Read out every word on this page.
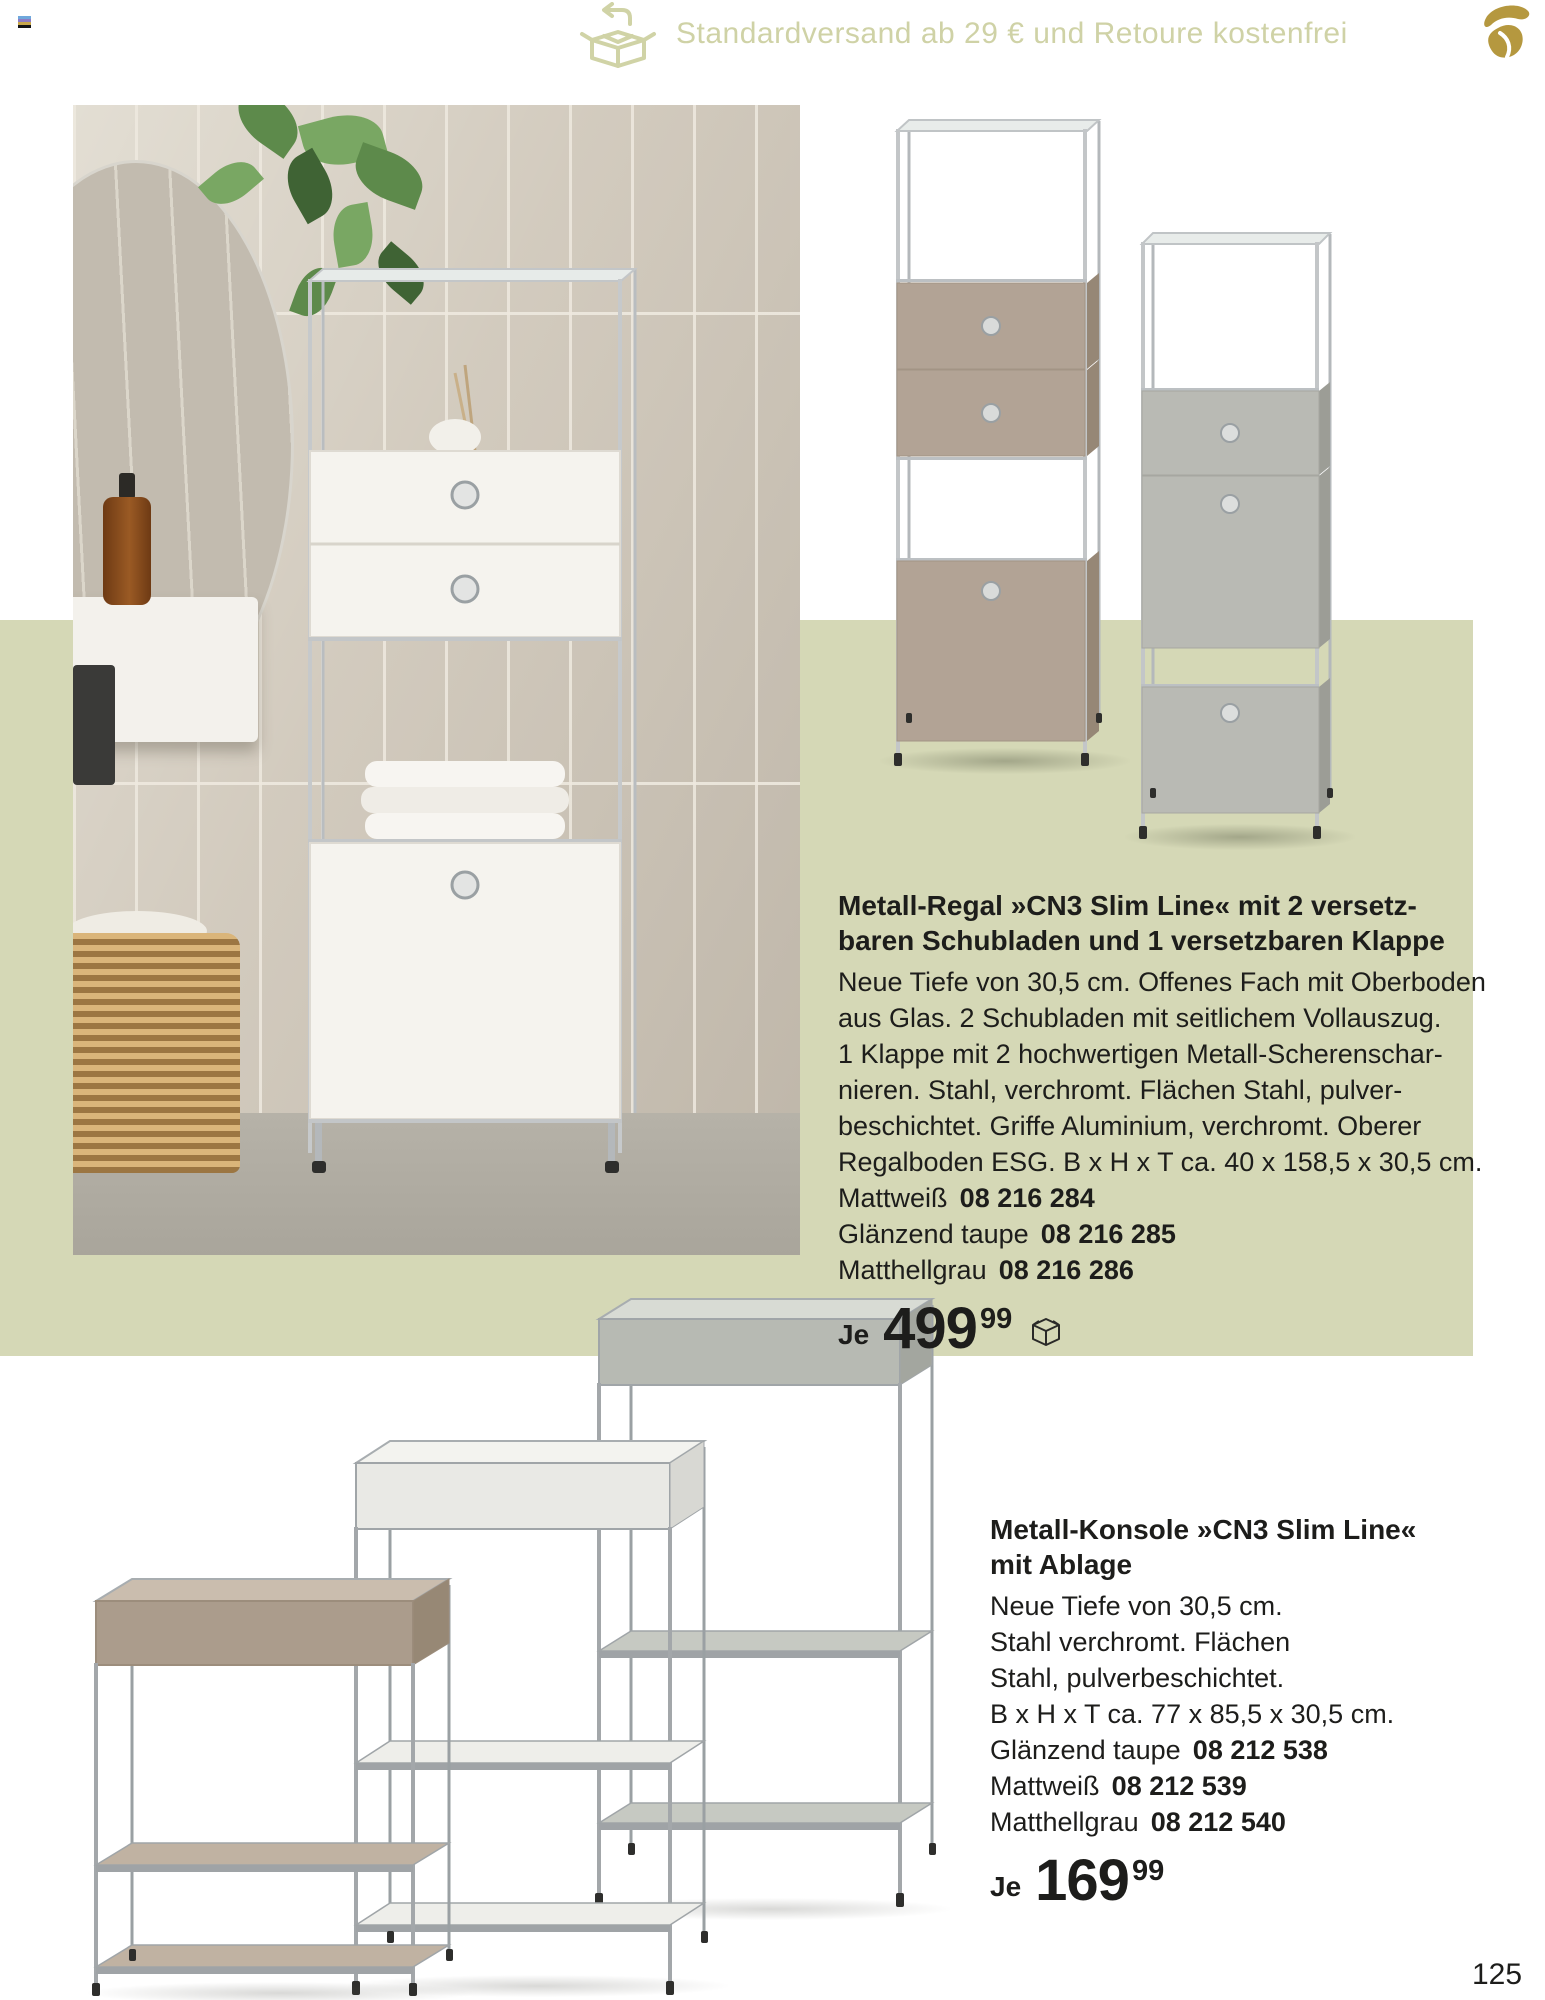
Standardversand ab 29 € und Retoure kostenfrei
Metall-Regal »CN3 Slim Line« mit 2 versetz-
baren Schubladen und 1 versetzbaren Klappe
Neue Tiefe von 30,5 cm. Offenes Fach mit Oberboden
aus Glas. 2 Schubladen mit seitlichem Vollauszug.
1 Klappe mit 2 hochwertigen Metall-Scherenschar-
nieren. Stahl, verchromt. Flächen Stahl, pulver-
beschichtet. Griffe Aluminium, verchromt. Oberer
Regalboden ESG. B x H x T ca. 40 x 158,5 x 30,5 cm.
Mattweiß 08 216 284
Glänzend taupe 08 216 285
Matthellgrau 08 216 286
Je 499 99
Metall-Konsole »CN3 Slim Line«
mit Ablage
Neue Tiefe von 30,5 cm.
Stahl verchromt. Flächen
Stahl, pulverbeschichtet.
B x H x T ca. 77 x 85,5 x 30,5 cm.
Glänzend taupe 08 212 538
Mattweiß 08 212 539
Matthellgrau 08 212 540
Je 169 99
125
